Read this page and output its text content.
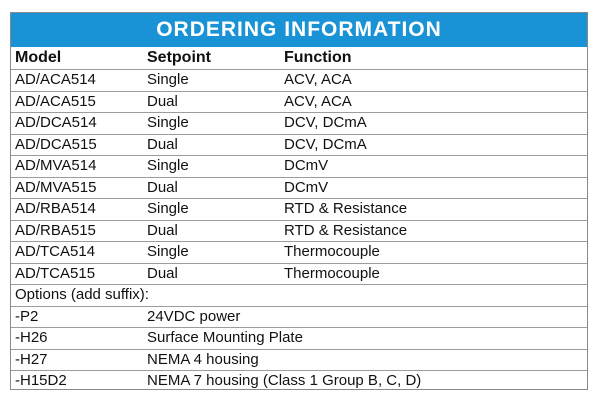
ORDERING INFORMATION
Model	Setpoint	Function
AD/ACA514	Single	ACV, ACA
AD/ACA515	Dual	ACV, ACA
AD/DCA514	Single	DCV, DCmA
AD/DCA515	Dual	DCV, DCmA
AD/MVA514	Single	DCmV
AD/MVA515	Dual	DCmV
AD/RBA514	Single	RTD & Resistance
AD/RBA515	Dual	RTD & Resistance
AD/TCA514	Single	Thermocouple
AD/TCA515	Dual	Thermocouple
Options (add suffix):
-P2	24VDC power
-H26	Surface Mounting Plate
-H27	NEMA 4 housing
-H15D2	NEMA 7 housing (Class 1 Group B, C, D)
